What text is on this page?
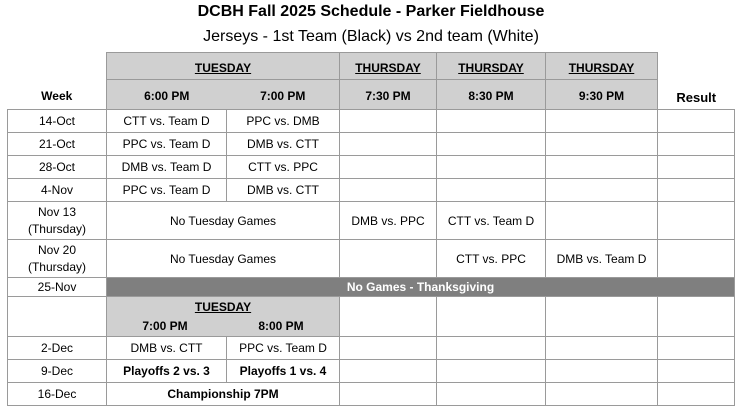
DCBH Fall 2025 Schedule - Parker Fieldhouse
Jerseys - 1st Team (Black) vs 2nd team (White)
Week	TUESDAY		THURSDAY	THURSDAY	THURSDAY	Result
	6:00 PM	7:00 PM	7:30 PM	8:30 PM	9:30 PM	
14-Oct	CTT vs. Team D	PPC vs. DMB				
21-Oct	PPC vs. Team D	DMB vs. CTT				
28-Oct	DMB vs. Team D	CTT vs. PPC				
4-Nov	PPC vs. Team D	DMB vs. CTT				
Nov 13
(Thursday)	No Tuesday Games		DMB vs. PPC	CTT vs. Team D		
Nov 20
(Thursday)	No Tuesday Games			CTT vs. PPC	DMB vs. Team D	
25-Nov	No Games - Thanksgiving					

	TUESDAY
7:00 PM 8:00 PM					

2-Dec	DMB vs. CTT	PPC vs. Team D				
9-Dec	Playoffs 2 vs. 3	Playoffs 1 vs. 4				
16-Dec	Championship 7PM					
